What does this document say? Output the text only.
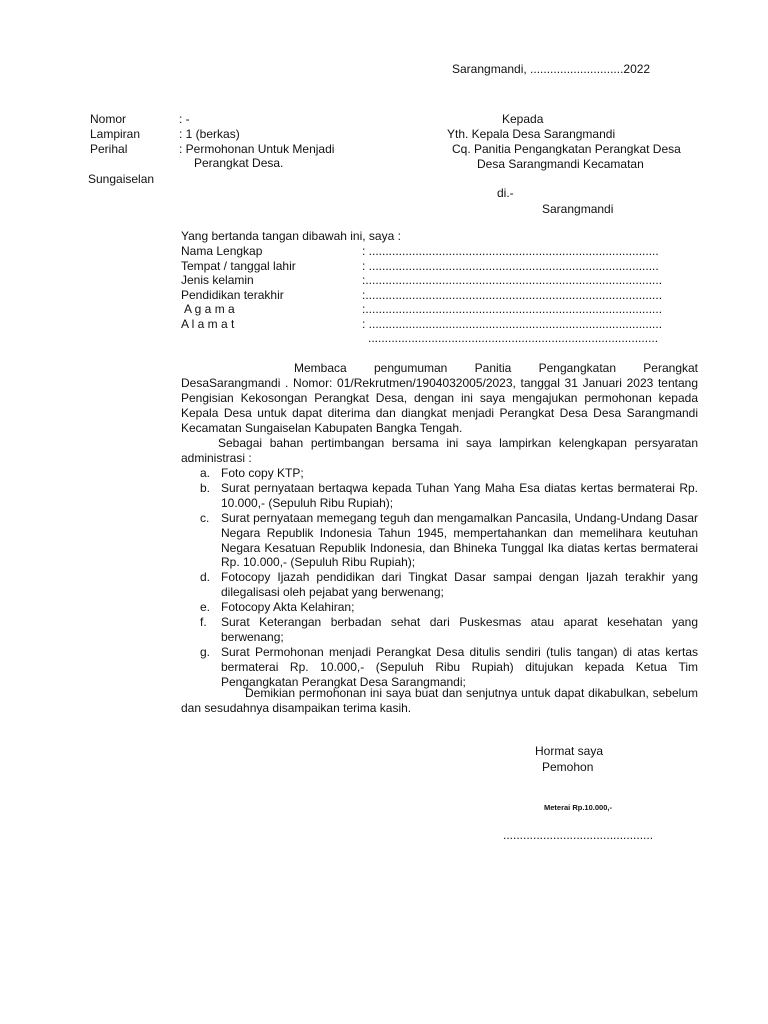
Sarangmandi, ............................2022
Nomor	: -
Lampiran	: 1 (berkas)
Perihal	: Permohonan Untuk Menjadi
Perangkat Desa.
Sungaiselan
Kepada
Yth. Kepala Desa Sarangmandi
Cq. Panitia Pengangkatan Perangkat Desa
Desa Sarangmandi Kecamatan
di.-
Sarangmandi
Yang bertanda tangan dibawah ini, saya :
Nama Lengkap	: .......................................................................................
Tempat / tanggal lahir	: .......................................................................................
Jenis kelamin	:.........................................................................................
Pendidikan terakhir	:.........................................................................................
A g a m a	:.........................................................................................
A l a m a t	: ........................................................................................
.......................................................................................
Membaca pengumuman Panitia Pengangkatan Perangkat DesaSarangmandi . Nomor: 01/Rekrutmen/1904032005/2023, tanggal 31 Januari 2023 tentang Pengisian Kekosongan Perangkat Desa, dengan ini saya mengajukan permohonan kepada Kepala Desa untuk dapat diterima dan diangkat menjadi Perangkat Desa Desa Sarangmandi Kecamatan Sungaiselan Kabupaten Bangka Tengah.
Sebagai bahan pertimbangan bersama ini saya lampirkan kelengkapan persyaratan administrasi :
a. Foto copy KTP;
b. Surat pernyataan bertaqwa kepada Tuhan Yang Maha Esa diatas kertas bermaterai Rp. 10.000,- (Sepuluh Ribu Rupiah);
c. Surat pernyataan memegang teguh dan mengamalkan Pancasila, Undang-Undang Dasar Negara Republik Indonesia Tahun 1945, mempertahankan dan memelihara keutuhan Negara Kesatuan Republik Indonesia, dan Bhineka Tunggal Ika diatas kertas bermaterai Rp. 10.000,- (Sepuluh Ribu Rupiah);
d. Fotocopy Ijazah pendidikan dari Tingkat Dasar sampai dengan Ijazah terakhir yang dilegalisasi oleh pejabat yang berwenang;
e. Fotocopy Akta Kelahiran;
f.	Surat Keterangan berbadan sehat dari Puskesmas atau aparat kesehatan yang berwenang;
g. Surat Permohonan menjadi Perangkat Desa ditulis sendiri (tulis tangan) di atas kertas bermaterai Rp. 10.000,- (Sepuluh Ribu Rupiah) ditujukan kepada Ketua Tim Pengangkatan Perangkat Desa Sarangmandi;
Demikian permohonan ini saya buat dan senjutnya untuk dapat dikabulkan, sebelum dan sesudahnya disampaikan terima kasih.
Hormat saya
Pemohon
Meterai Rp.10.000,-
.............................................
